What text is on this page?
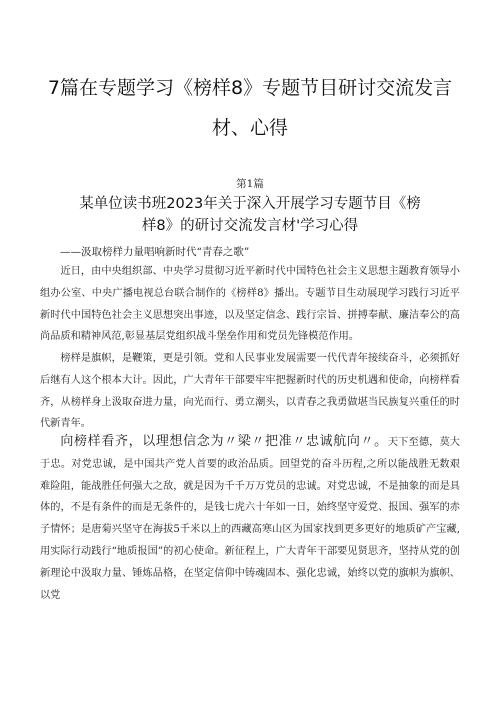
7篇在专题学习《榜样8》专题节目研讨交流发言
材、心得
第1篇
某单位读书班2023年关于深入开展学习专题节目《榜
样8》的研讨交流发言材'学习心得
——汲取榜样力量唱响新时代“青春之歌”

近日，由中央组织部、中央学习贯彻习近平新时代中国特色社会主义思想主题教育领导小组办公室、中央广播电视总台联合制作的《榜样8》播出。专题节目生动展现学习践行习近平新时代中国特色社会主义思想突出事迹，以及坚定信念、践行宗旨、拼搏奉献、廉洁奉公的高尚品质和精神风范,彰显基层党组织战斗堡垒作用和党员先锋模范作用。

榜样是旗帜，是鞭策，更是引领。党和人民事业发展需要一代代青年接续奋斗，必须抓好后继有人这个根本大计。因此，广大青年干部要牢牢把握新时代的历史机遇和使命，向榜样看齐，从榜样身上汲取奋进力量，向光而行、勇立潮头，以青春之我勇做堪当民族复兴重任的时代新青年。

向榜样看齐，以理想信念为〃梁〃把准〃忠诚航向〃。天下至德，莫大于忠。对党忠诚，是中国共产党人首要的政治品质。回望党的奋斗历程,之所以能战胜无数艰难险阻，能战胜任何强大之敌，就是因为千千万万党员的忠诚。对党忠诚，不是抽象的而是具体的，不是有条件的而是无条件的，是钱七虎六十年如一日，始终坚守爱党、报国、强军的赤子情怀；是唐菊兴坚守在海拔5千米以上的西藏高寒山区为国家找到更多更好的地质矿产宝藏,用实际行动践行“地质报国”的初心使命。新征程上，广大青年干部要见贤思齐，坚持从党的创新理论中汲取力量、锤炼品格，在坚定信仰中铸魂固本、强化忠诚，始终以党的旗帜为旗帜、以党
